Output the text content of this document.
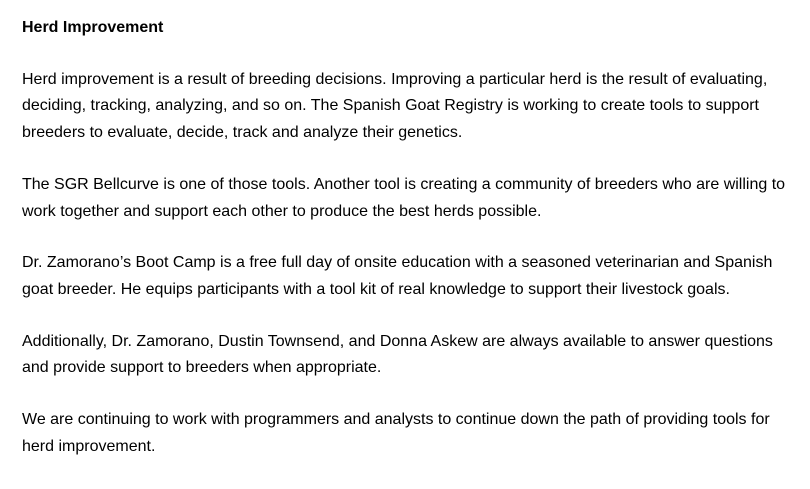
Herd Improvement

Herd improvement is a result of breeding decisions. Improving a particular herd is the result of evaluating, deciding, tracking, analyzing, and so on. The Spanish Goat Registry is working to create tools to support breeders to evaluate, decide, track and analyze their genetics.

The SGR Bellcurve is one of those tools. Another tool is creating a community of breeders who are willing to work together and support each other to produce the best herds possible.

Dr. Zamorano’s Boot Camp is a free full day of onsite education with a seasoned veterinarian and Spanish goat breeder. He equips participants with a tool kit of real knowledge to support their livestock goals.

Additionally, Dr. Zamorano, Dustin Townsend, and Donna Askew are always available to answer questions and provide support to breeders when appropriate.

We are continuing to work with programmers and analysts to continue down the path of providing tools for herd improvement.
